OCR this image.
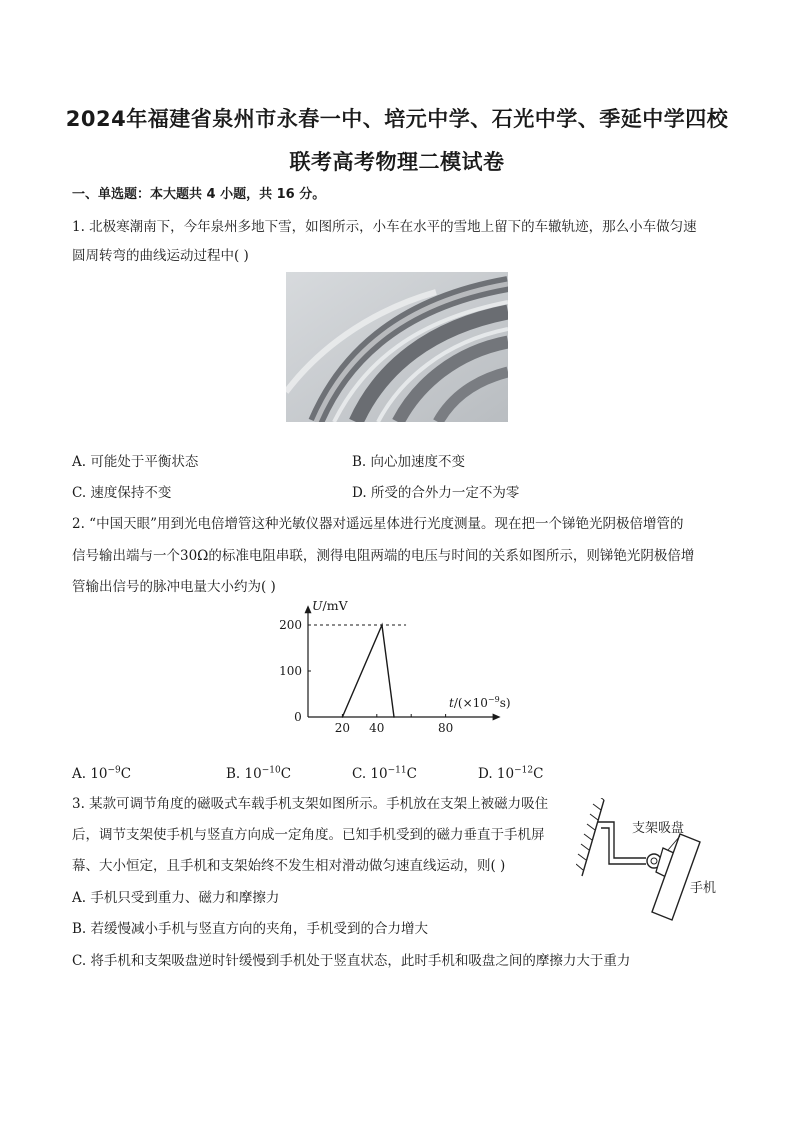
2024年福建省泉州市永春一中、培元中学、石光中学、季延中学四校
联考高考物理二模试卷

一、单选题：本大题共 4 小题，共 16 分。

1. 北极寒潮南下，今年泉州多地下雪，如图所示，小车在水平的雪地上留下的车辙轨迹，那么小车做匀速

圆周转弯的曲线运动过程中( )

A. 可能处于平衡状态	B. 向心加速度不变
C. 速度保持不变	D. 所受的合外力一定不为零

2. “中国天眼”用到光电倍增管这种光敏仪器对遥远星体进行光度测量。现在把一个锑铯光阴极倍增管的

信号输出端与一个30Ω的标准电阻串联，测得电阻两端的电压与时间的关系如图所示，则锑铯光阴极倍增

管输出信号的脉冲电量大小约为( )

U/mV
$t/(\times 10^{-9}s)$
0
20 40	80
100
200
A. $10^{-9}C$	B. $10^{-10}C$	C. $10^{-11}C$	D. $10^{-12}C$

3. 某款可调节角度的磁吸式车载手机支架如图所示。手机放在支架上被磁力吸住

后，调节支架使手机与竖直方向成一定角度。已知手机受到的磁力垂直于手机屏

幕、大小恒定，且手机和支架始终不发生相对滑动做匀速直线运动，则( )

支架吸盘
手机
A. 手机只受到重力、磁力和摩擦力
B. 若缓慢减小手机与竖直方向的夹角，手机受到的合力增大
C. 将手机和支架吸盘逆时针缓慢到手机处于竖直状态，此时手机和吸盘之间的摩擦力大于重力
